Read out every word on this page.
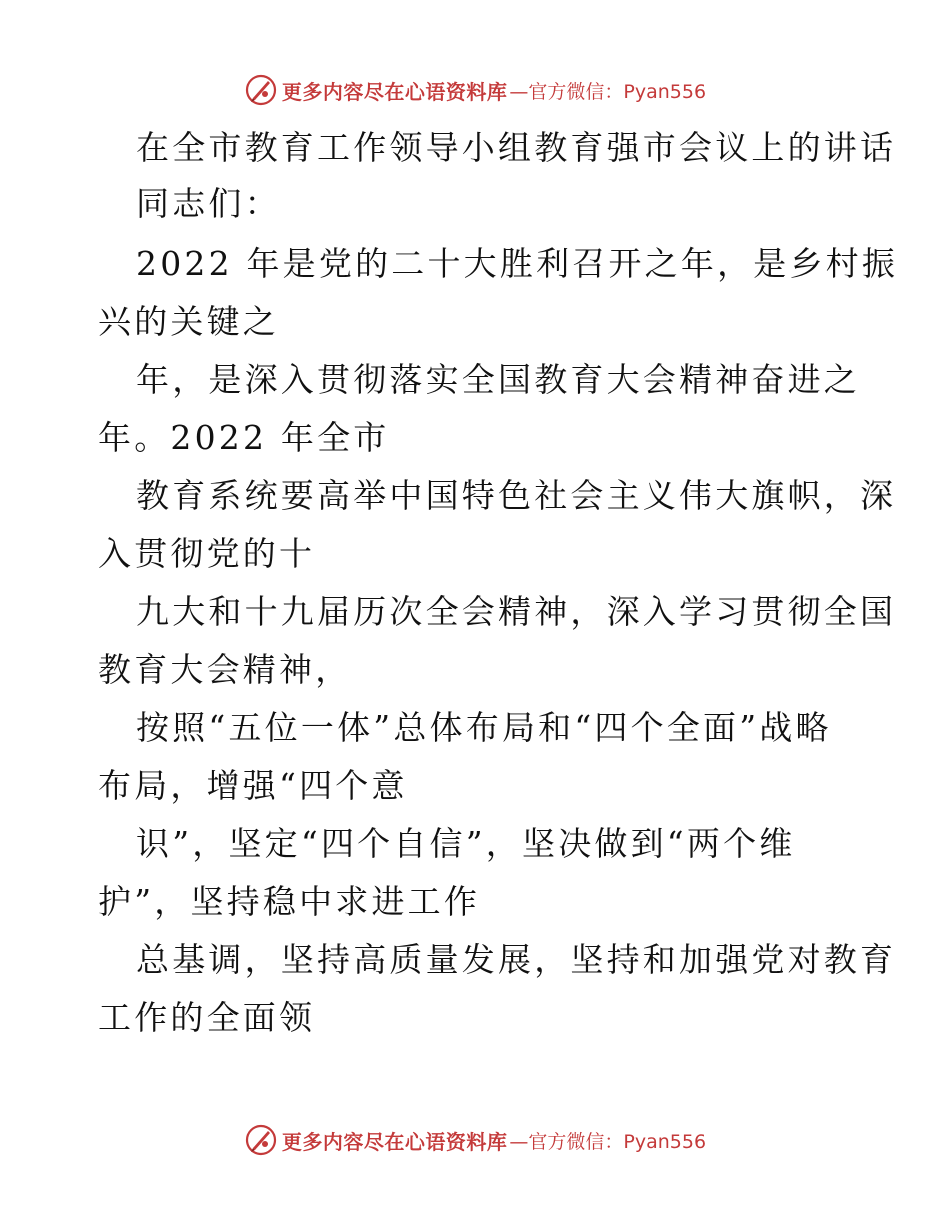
更多内容尽在心语资料库 —官方微信：Pyan556
在全市教育工作领导小组教育强市会议上的讲话
同志们：
2022 年是党的二十大胜利召开之年，是乡村振
兴的关键之
年，是深入贯彻落实全国教育大会精神奋进之
年。2022 年全市
教育系统要高举中国特色社会主义伟大旗帜，深
入贯彻党的十
九大和十九届历次全会精神，深入学习贯彻全国
教育大会精神，
按照“五位一体”总体布局和“四个全面”战略
布局，增强“四个意
识”，坚定“四个自信”，坚决做到“两个维
护”，坚持稳中求进工作
总基调，坚持高质量发展，坚持和加强党对教育
工作的全面领
更多内容尽在心语资料库 —官方微信：Pyan556
